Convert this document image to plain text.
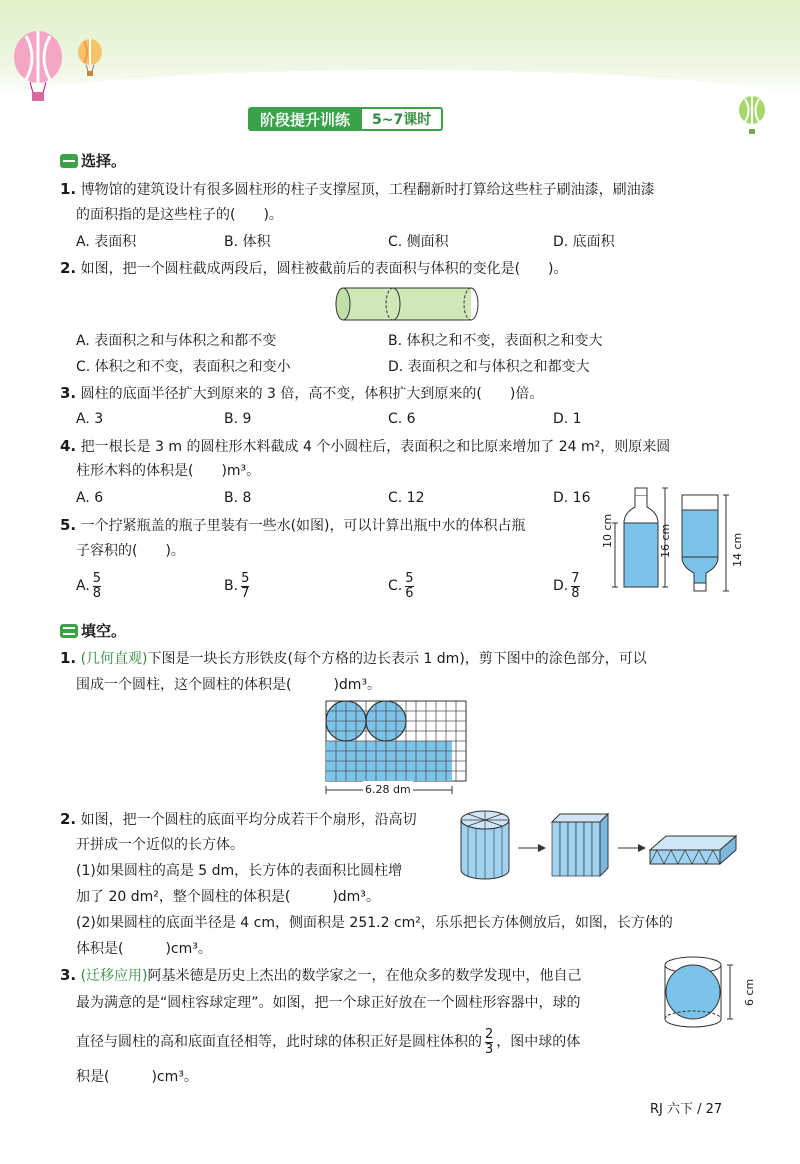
阶段提升训练	5~7课时
选择。
1. 博物馆的建筑设计有很多圆柱形的柱子支撑屋顶，工程翻新时打算给这些柱子刷油漆，刷油漆
的面积指的是这些柱子的(　　)。
A. 表面积	B. 体积	C. 侧面积	D. 底面积
2. 如图，把一个圆柱截成两段后，圆柱被截前后的表面积与体积的变化是(　　)。
A. 表面积之和与体积之和都不变	B. 体积之和不变，表面积之和变大
C. 体积之和不变，表面积之和变小	D. 表面积之和与体积之和都变大
3. 圆柱的底面半径扩大到原来的 3 倍，高不变，体积扩大到原来的(　　)倍。
A. 3	B. 9	C. 6	D. 1
4. 把一根长是 3 m 的圆柱形木料截成 4 个小圆柱后，表面积之和比原来增加了 24 m²，则原来圆
柱形木料的体积是(　　)m³。
A. 6	B. 8	C. 12	D. 16
5. 一个拧紧瓶盖的瓶子里装有一些水(如图)，可以计算出瓶中水的体积占瓶
子容积的(　　)。
A. $\frac{5}{8}$	B. $\frac{5}{7}$	C. $\frac{5}{6}$	D. $\frac{7}{8}$
10 cm	16 cm	14 cm
填空。
1. (几何直观)下图是一块长方形铁皮(每个方格的边长表示 1 dm)，剪下图中的涂色部分，可以
围成一个圆柱，这个圆柱的体积是(　　　)dm³。
6.28 dm
2. 如图，把一个圆柱的底面平均分成若干个扇形，沿高切
开拼成一个近似的长方体。
(1)如果圆柱的高是 5 dm，长方体的表面积比圆柱增
加了 20 dm²，整个圆柱的体积是(　　　)dm³。
(2)如果圆柱的底面半径是 4 cm，侧面积是 251.2 cm²，乐乐把长方体侧放后，如图，长方体的
体积是(　　　)cm³。
3. (迁移应用)阿基米德是历史上杰出的数学家之一，在他众多的数学发现中，他自己
最为满意的是“圆柱容球定理”。如图，把一个球正好放在一个圆柱形容器中，球的
直径与圆柱的高和底面直径相等，此时球的体积正好是圆柱体积的 $\frac{2}{3}$ ，图中球的体
积是(　　　)cm³。
6 cm
RJ 六下 / 27
